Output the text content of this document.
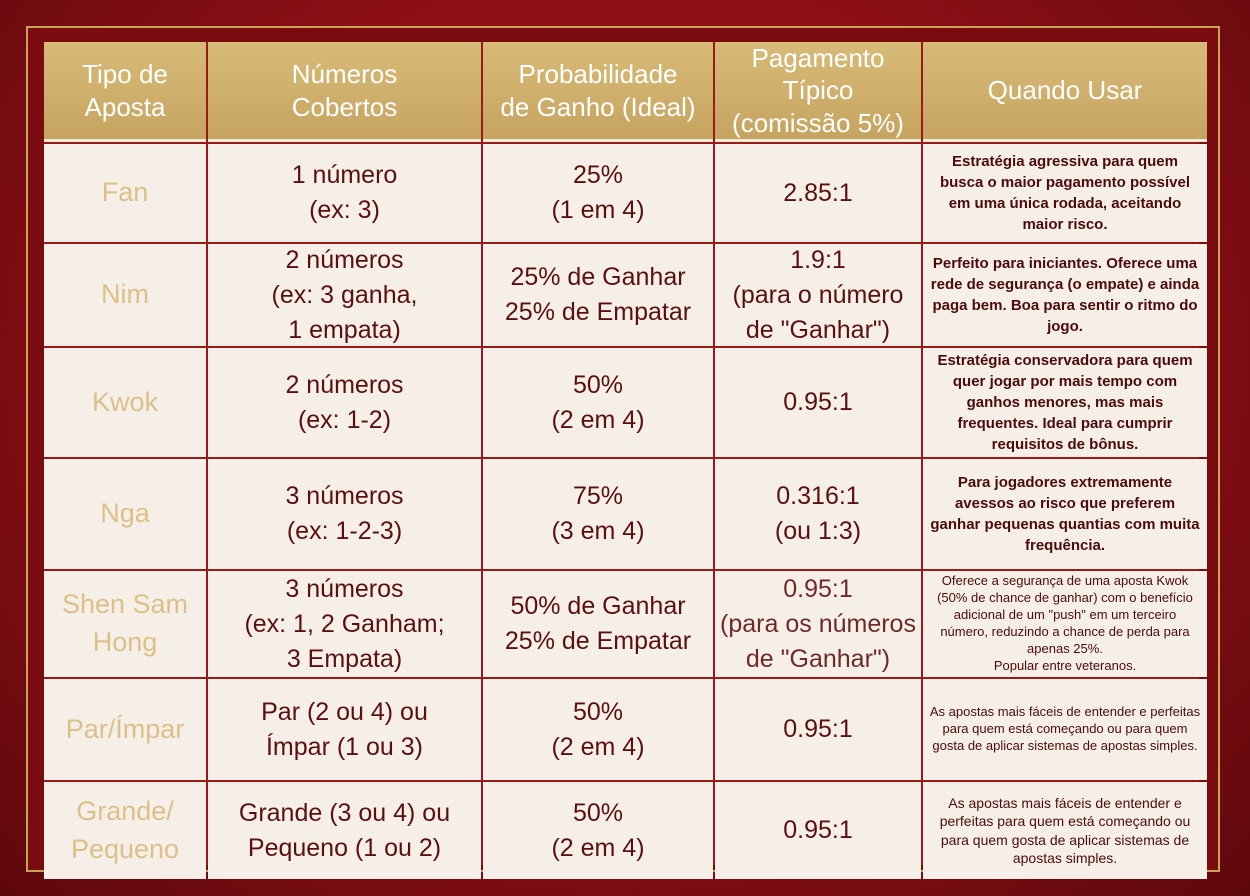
Tipo de
Aposta
Números
Cobertos
Probabilidade
de Ganho (Ideal)
Pagamento
Típico
(comissão 5%)
Quando Usar
Fan
1 número
(ex: 3)
25%
(1 em 4)
2.85:1
Estratégia agressiva para quem busca o maior pagamento possível em uma única rodada, aceitando maior risco.
Nim
2 números
(ex: 3 ganha,
1 empata)
25% de Ganhar
25% de Empatar
1.9:1
(para o número
de "Ganhar")
Perfeito para iniciantes. Oferece uma rede de segurança (o empate) e ainda paga bem. Boa para sentir o ritmo do jogo.
Kwok
2 números
(ex: 1-2)
50%
(2 em 4)
0.95:1
Estratégia conservadora para quem quer jogar por mais tempo com ganhos menores, mas mais frequentes. Ideal para cumprir requisitos de bônus.
Nga
3 números
(ex: 1-2-3)
75%
(3 em 4)
0.316:1
(ou 1:3)
Para jogadores extremamente avessos ao risco que preferem ganhar pequenas quantias com muita frequência.
Shen Sam
Hong
3 números
(ex: 1, 2 Ganham;
3 Empata)
50% de Ganhar
25% de Empatar
0.95:1
(para os números
de "Ganhar")
Oferece a segurança de uma aposta Kwok (50% de chance de ganhar) com o benefício adicional de um "push" em um terceiro número, reduzindo a chance de perda para apenas 25%.
Popular entre veteranos.
Par/Ímpar
Par (2 ou 4) ou
Ímpar (1 ou 3)
50%
(2 em 4)
0.95:1
As apostas mais fáceis de entender e perfeitas para quem está começando ou para quem gosta de aplicar sistemas de apostas simples.
Grande/
Pequeno
Grande (3 ou 4) ou
Pequeno (1 ou 2)
50%
(2 em 4)
0.95:1
As apostas mais fáceis de entender e perfeitas para quem está começando ou para quem gosta de aplicar sistemas de apostas simples.
